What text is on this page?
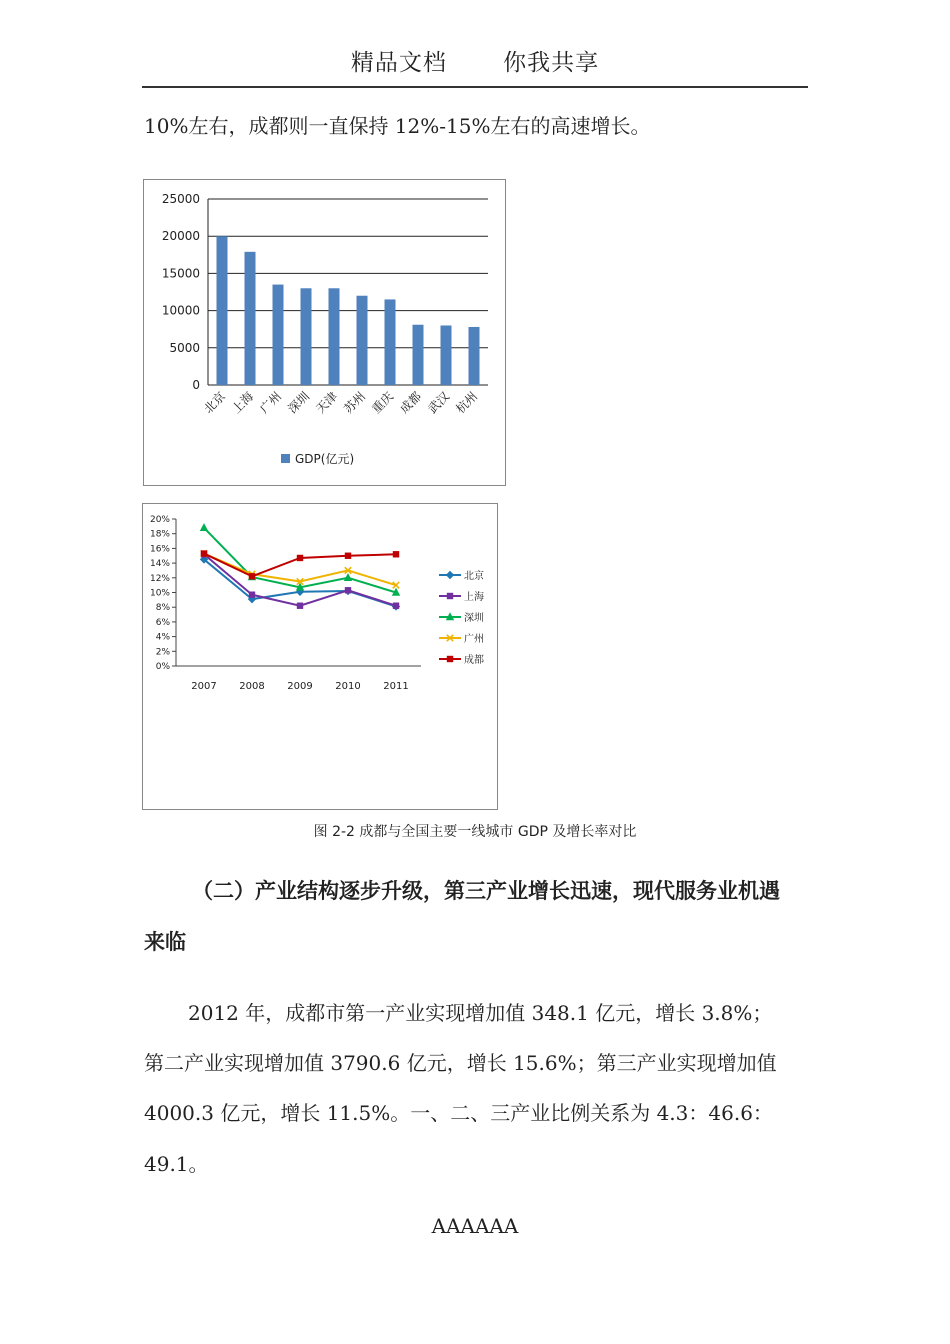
精品文档 你我共享
10%左右，成都则一直保持 12%-15%左右的高速增长。
25000
20000
15000
10000
5000
0
北京 上海 广州 深圳 天津 苏州 重庆 成都 武汉 杭州
GDP(亿元)
20%
18%
16%
14%
12%
10%
8%
6%
4%
2%
0%
2007 2008 2009 2010 2011
北京
上海
深圳
广州
成都
图 2-2 成都与全国主要一线城市 GDP 及增长率对比
（二）产业结构逐步升级，第三产业增长迅速，现代服务业机遇
来临
2012 年，成都市第一产业实现增加值 348.1 亿元，增长 3.8%；
第二产业实现增加值 3790.6 亿元，增长 15.6%；第三产业实现增加值
4000.3 亿元，增长 11.5%。一、二、三产业比例关系为 4.3：46.6：
49.1。
AAAAAA
